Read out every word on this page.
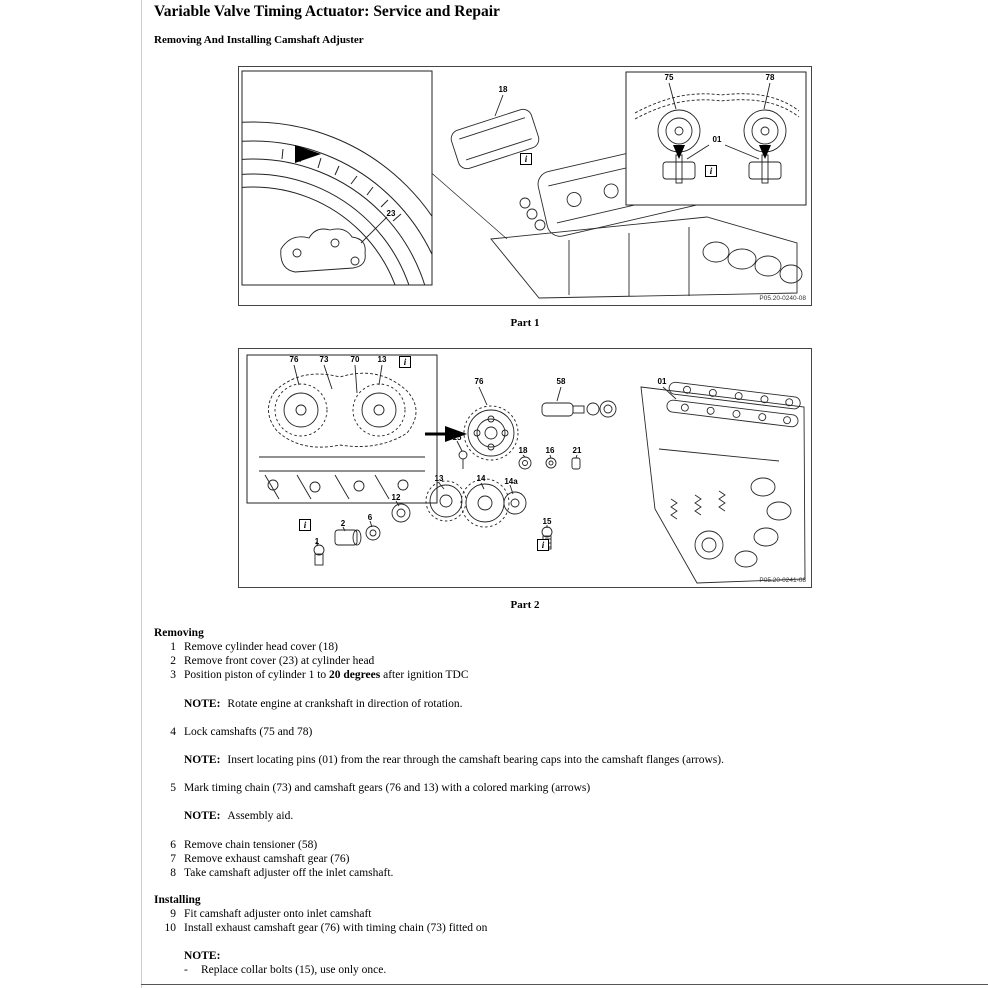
Variable Valve Timing Actuator: Service and Repair
Removing And Installing Camshaft Adjuster
18
23
75	78
01
i
i
P05.20-0240-08
Part 1
76	73	70 13
76	58	01
15
18 16 21
13	14 14a
12
6
2
1
15
i
i
i
P05.20-0241-08
Part 2
Removing
1 Remove cylinder head cover (18)
2 Remove front cover (23) at cylinder head
3 Position piston of cylinder 1 to 20 degrees after ignition TDC
NOTE: Rotate engine at crankshaft in direction of rotation.
4 Lock camshafts (75 and 78)
NOTE: Insert locating pins (01) from the rear through the camshaft bearing caps into the camshaft flanges (arrows).
5 Mark timing chain (73) and camshaft gears (76 and 13) with a colored marking (arrows)
NOTE: Assembly aid.
6 Remove chain tensioner (58)
7 Remove exhaust camshaft gear (76)
8 Take camshaft adjuster off the inlet camshaft.
Installing
9 Fit camshaft adjuster onto inlet camshaft
10 Install exhaust camshaft gear (76) with timing chain (73) fitted on
NOTE:
-	Replace collar bolts (15), use only once.
